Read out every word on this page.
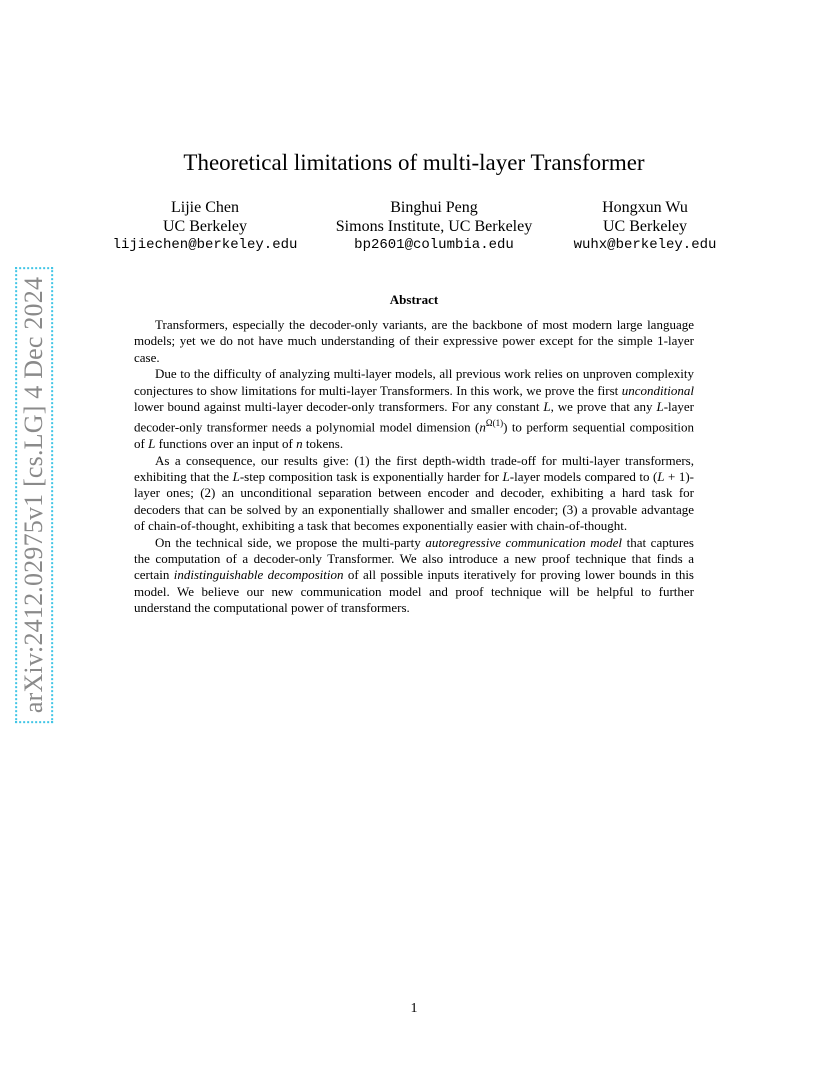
arXiv:2412.02975v1 [cs.LG] 4 Dec 2024
Theoretical limitations of multi-layer Transformer
Lijie Chen
UC Berkeley
lijiechen@berkeley.edu
Binghui Peng
Simons Institute, UC Berkeley
bp2601@columbia.edu
Hongxun Wu
UC Berkeley
wuhx@berkeley.edu
Abstract

Transformers, especially the decoder-only variants, are the backbone of most modern large language models; yet we do not have much understanding of their expressive power except for the simple 1-layer case.

Due to the difficulty of analyzing multi-layer models, all previous work relies on unproven complexity conjectures to show limitations for multi-layer Transformers. In this work, we prove the first unconditional lower bound against multi-layer decoder-only transformers. For any constant L, we prove that any L-layer decoder-only transformer needs a polynomial model dimension $(n^{\Omega(1)})$ to perform sequential composition of L functions over an input of n tokens.

As a consequence, our results give: (1) the first depth-width trade-off for multi-layer transformers, exhibiting that the L-step composition task is exponentially harder for L-layer models compared to (L + 1)-layer ones; (2) an unconditional separation between encoder and decoder, exhibiting a hard task for decoders that can be solved by an exponentially shallower and smaller encoder; (3) a provable advantage of chain-of-thought, exhibiting a task that becomes exponentially easier with chain-of-thought.

On the technical side, we propose the multi-party autoregressive communication model that captures the computation of a decoder-only Transformer. We also introduce a new proof technique that finds a certain indistinguishable decomposition of all possible inputs iteratively for proving lower bounds in this model. We believe our new communication model and proof technique will be helpful to further understand the computational power of transformers.

1
